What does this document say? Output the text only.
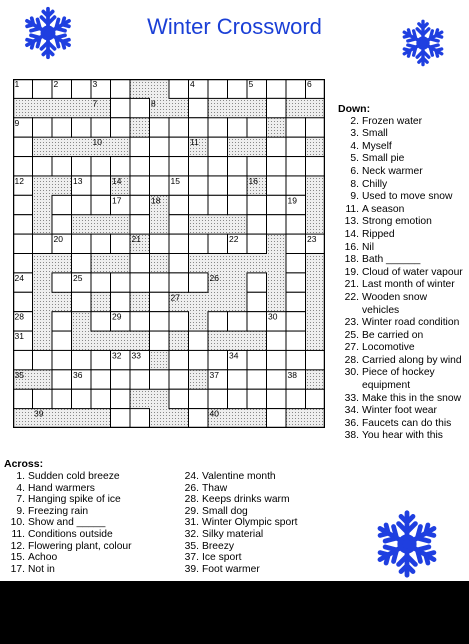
Winter Crossword
1	2	3	4	5	6
7	8
9
10	11
12	13	14	15	16
17	18	19
20	21	22	23
24	25	26
27
28	29	30
31
32 33	34
35	36	37	38
39	40
Down:
2. Frozen water
3. Small
4. Myself
5. Small pie
6. Neck warmer
8. Chilly
9. Used to move snow
11. A season
13. Strong emotion
14. Ripped
16. Nil
18. Bath ______
19. Cloud of water vapour
21. Last month of winter
22. Wooden snow
vehicles
23. Winter road condition
25. Be carried on
27. Locomotive
28. Carried along by wind
30. Piece of hockey
equipment
33. Make this in the snow
34. Winter foot wear
36. Faucets can do this
38. You hear with this
Across:
1. Sudden cold breeze
4. Hand warmers
7. Hanging spike of ice
9. Freezing rain
10. Show and _____
11. Conditions outside
12. Flowering plant, colour
15. Achoo
17. Not in
24. Valentine month
26. Thaw
28. Keeps drinks warm
29. Small dog
31. Winter Olympic sport
32. Silky material
35. Breezy
37. Ice sport
39. Foot warmer
